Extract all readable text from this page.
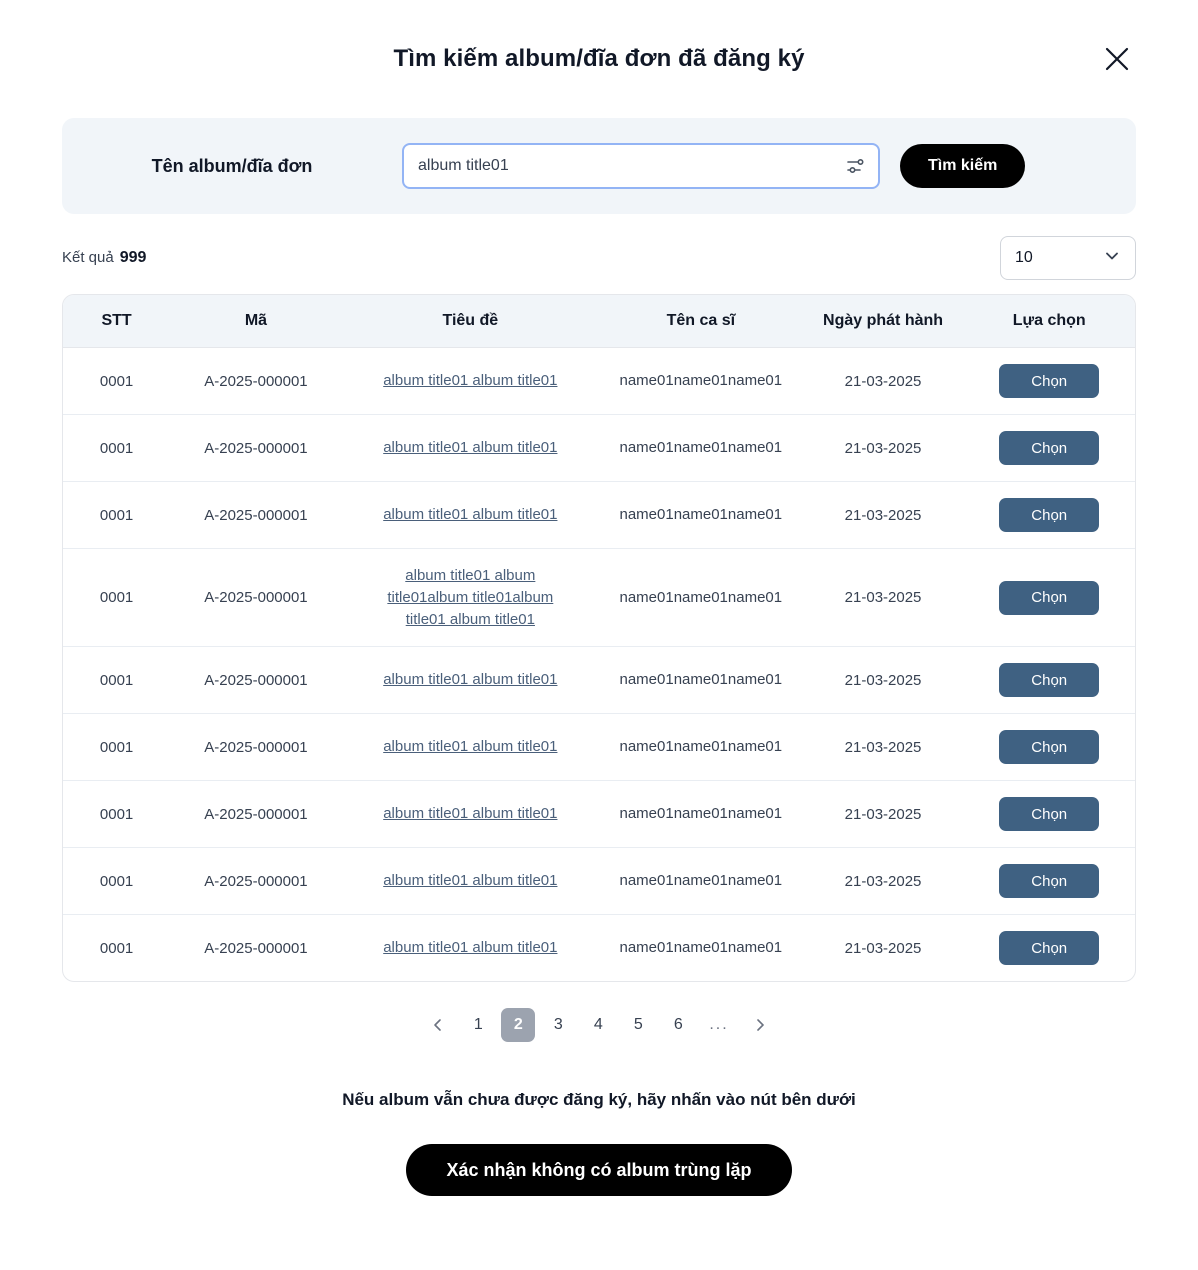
Tìm kiếm album/đĩa đơn đã đăng ký
Tên album/đĩa đơn
album title01	Tìm kiếm
Kết quả 999	10
STT	Mã	Tiêu đề	Tên ca sĩ	Ngày phát hành	Lựa chọn
0001	A-2025-000001	album title01 album title01	name01name01name01	21-03-2025	Chọn
0001	A-2025-000001	album title01 album title01	name01name01name01	21-03-2025	Chọn
0001	A-2025-000001	album title01 album title01	name01name01name01	21-03-2025	Chọn
0001	A-2025-000001	album title01 album title01album title01album title01 album title01	name01name01name01	21-03-2025	Chọn
0001	A-2025-000001	album title01 album title01	name01name01name01	21-03-2025	Chọn
0001	A-2025-000001	album title01 album title01	name01name01name01	21-03-2025	Chọn
0001	A-2025-000001	album title01 album title01	name01name01name01	21-03-2025	Chọn
0001	A-2025-000001	album title01 album title01	name01name01name01	21-03-2025	Chọn
0001	A-2025-000001	album title01 album title01	name01name01name01	21-03-2025	Chọn
1	2	3	4	5	6	...
Nếu album vẫn chưa được đăng ký, hãy nhấn vào nút bên dưới
Xác nhận không có album trùng lặp
